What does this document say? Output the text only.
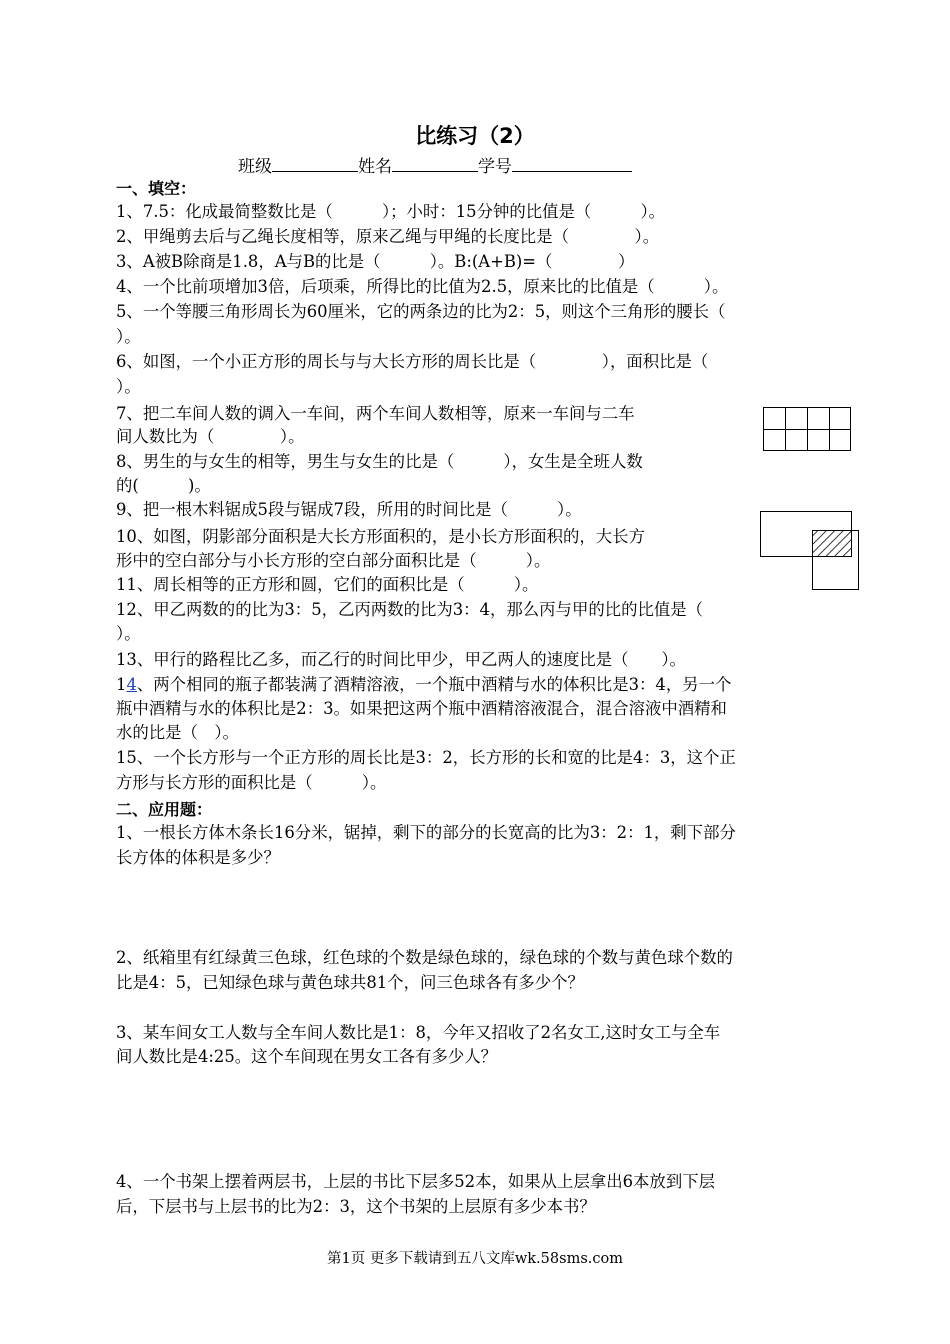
比练习（2）
班级	姓名	学号
一、填空：
1、7.5：化成最简整数比是（　　　）；小时：15分钟的比值是（　　　）。
2、甲绳剪去后与乙绳长度相等，原来乙绳与甲绳的长度比是（　　　　）。
3、A被B除商是1.8，A与B的比是（　　　）。B:(A+B)=（　　　　）
4、一个比前项增加3倍，后项乘，所得比的比值为2.5，原来比的比值是（　　　）。
5、一个等腰三角形周长为60厘米，它的两条边的比为2：5，则这个三角形的腰长（
）。
6、如图，一个小正方形的周长与与大长方形的周长比是（　　　　），面积比是（
）。
7、把二车间人数的调入一车间，两个车间人数相等，原来一车间与二车
间人数比为（　　　　）。
8、男生的与女生的相等，男生与女生的比是（　　　），女生是全班人数
的(　　　)。
9、把一根木料锯成5段与锯成7段，所用的时间比是（　　　）。
10、如图，阴影部分面积是大长方形面积的，是小长方形面积的，大长方
形中的空白部分与小长方形的空白部分面积比是（　　　）。
11、周长相等的正方形和圆，它们的面积比是（　　　）。
12、甲乙两数的的比为3：5，乙丙两数的比为3：4，那么丙与甲的比的比值是（
）。
13、甲行的路程比乙多，而乙行的时间比甲少，甲乙两人的速度比是（　　）。
14、两个相同的瓶子都装满了酒精溶液，一个瓶中酒精与水的体积比是3：4，另一个
瓶中酒精与水的体积比是2：3。如果把这两个瓶中酒精溶液混合，混合溶液中酒精和
水的比是（　）。
15、一个长方形与一个正方形的周长比是3：2，长方形的长和宽的比是4：3，这个正
方形与长方形的面积比是（　　　）。
二、应用题：
1、一根长方体木条长16分米，锯掉，剩下的部分的长宽高的比为3：2：1，剩下部分
长方体的体积是多少？
2、纸箱里有红绿黄三色球，红色球的个数是绿色球的，绿色球的个数与黄色球个数的
比是4：5，已知绿色球与黄色球共81个，问三色球各有多少个？
3、某车间女工人数与全车间人数比是1：8，今年又招收了2名女工,这时女工与全车
间人数比是4:25。这个车间现在男女工各有多少人？
4、一个书架上摆着两层书，上层的书比下层多52本，如果从上层拿出6本放到下层
后，下层书与上层书的比为2：3，这个书架的上层原有多少本书？
第1页 更多下载请到五八文库wk.58sms.com
